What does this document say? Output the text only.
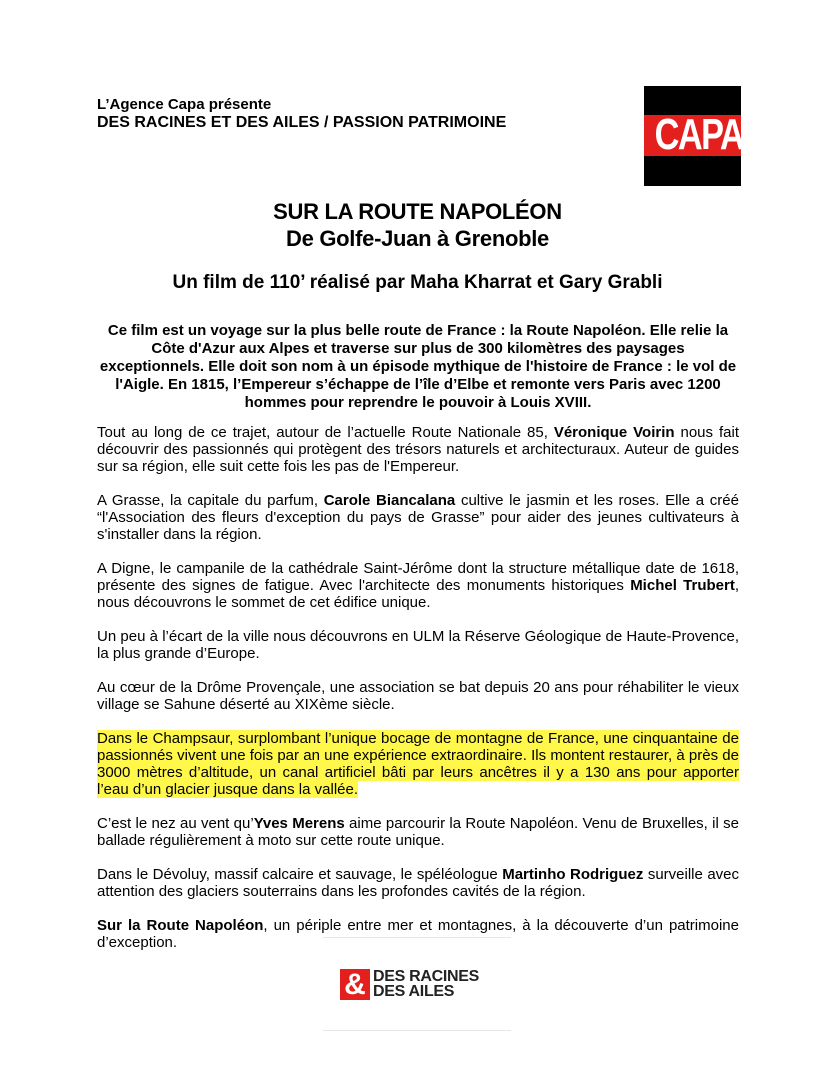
L’Agence Capa présente
DES RACINES ET DES AILES / PASSION PATRIMOINE	CAPA
SUR LA ROUTE NAPOLÉON
De Golfe-Juan à Grenoble
Un film de 110’ réalisé par Maha Kharrat et Gary Grabli
Ce film est un voyage sur la plus belle route de France : la Route Napoléon. Elle relie la Côte d'Azur aux Alpes et traverse sur plus de 300 kilomètres des paysages exceptionnels. Elle doit son nom à un épisode mythique de l'histoire de France : le vol de l'Aigle. En 1815, l’Empereur s’échappe de l’île d’Elbe et remonte vers Paris avec 1200 hommes pour reprendre le pouvoir à Louis XVIII.

Tout au long de ce trajet, autour de l’actuelle Route Nationale 85, Véronique Voirin nous fait découvrir des passionnés qui protègent des trésors naturels et architecturaux. Auteur de guides sur sa région, elle suit cette fois les pas de l'Empereur.

A Grasse, la capitale du parfum, Carole Biancalana cultive le jasmin et les roses. Elle a créé “l'Association des fleurs d'exception du pays de Grasse” pour aider des jeunes cultivateurs à s'installer dans la région.

A Digne, le campanile de la cathédrale Saint-Jérôme dont la structure métallique date de 1618, présente des signes de fatigue. Avec l'architecte des monuments historiques Michel Trubert, nous découvrons le sommet de cet édifice unique.

Un peu à l’écart de la ville nous découvrons en ULM la Réserve Géologique de Haute-Provence, la plus grande d’Europe.

Au cœur de la Drôme Provençale, une association se bat depuis 20 ans pour réhabiliter le vieux village se Sahune déserté au XIXème siècle.

Dans le Champsaur, surplombant l’unique bocage de montagne de France, une cinquantaine de passionnés vivent une fois par an une expérience extraordinaire. Ils montent restaurer, à près de 3000 mètres d’altitude, un canal artificiel bâti par leurs ancêtres il y a 130 ans pour apporter l’eau d’un glacier jusque dans la vallée.

C’est le nez au vent qu’Yves Merens aime parcourir la Route Napoléon. Venu de Bruxelles, il se ballade régulièrement à moto sur cette route unique.

Dans le Dévoluy, massif calcaire et sauvage, le spéléologue Martinho Rodriguez surveille avec attention des glaciers souterrains dans les profondes cavités de la région.

Sur la Route Napoléon, un périple entre mer et montagnes, à la découverte d’un patrimoine d’exception.

& DES RACINES
DES AILES
